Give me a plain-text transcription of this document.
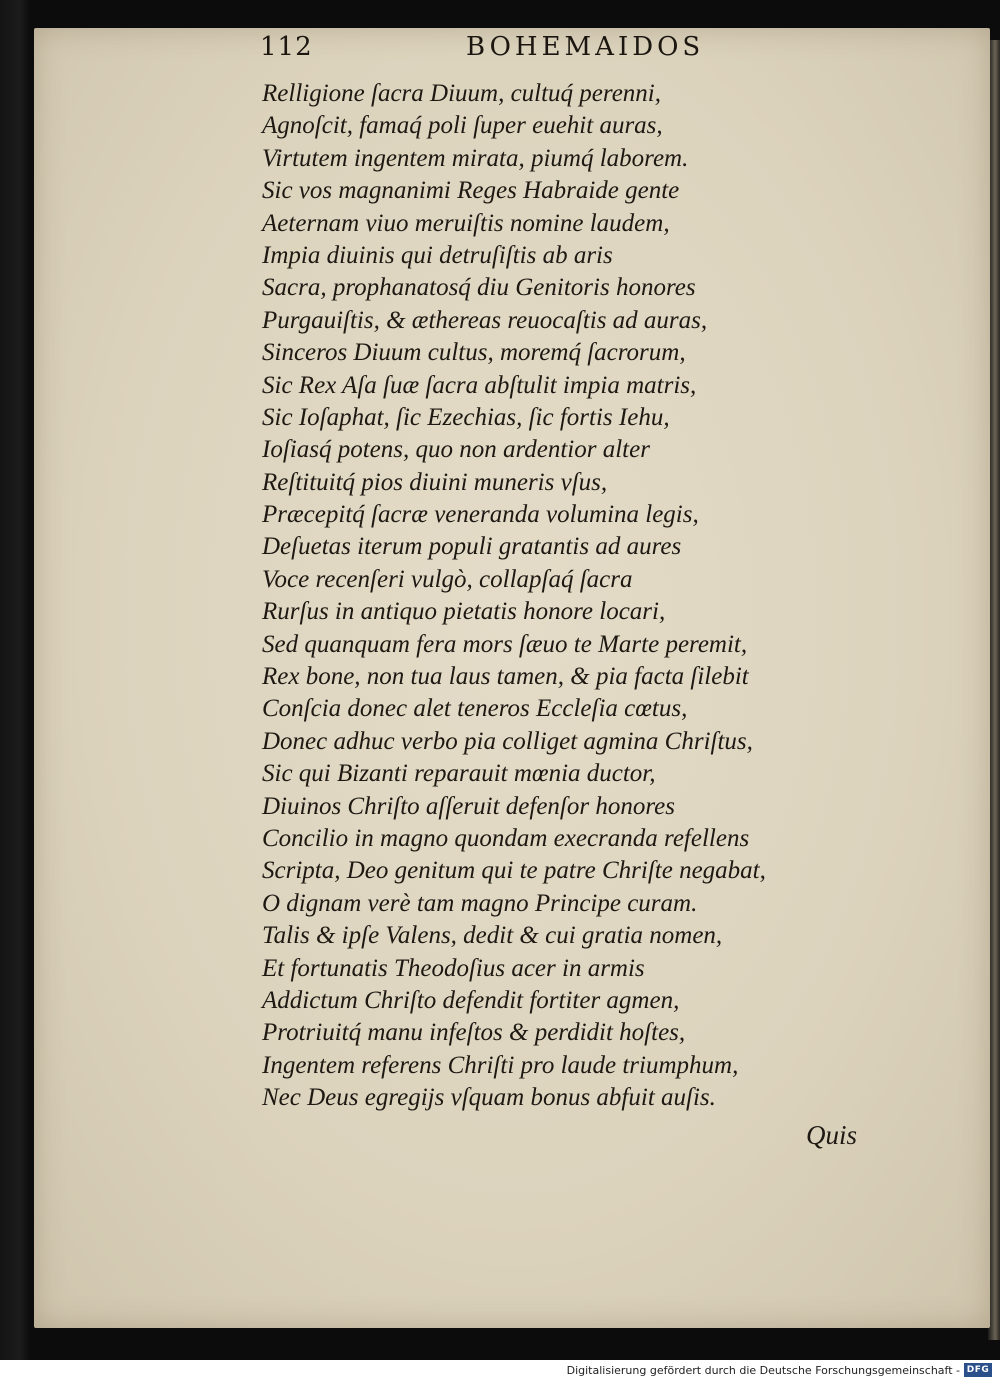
112	BOHEMAIDOS
Relligione ſacra Diuum, cultuq́ perenni,
Agnoſcit, famaq́ poli ſuper euehit auras,
Virtutem ingentem mirata, piumq́ laborem.
Sic vos magnanimi Reges Habraide gente
Aeternam viuo meruiſtis nomine laudem,
Impia diuinis qui detruſiſtis ab aris
Sacra, prophanatosq́ diu Genitoris honores
Purgauiſtis, & æthereas reuocaſtis ad auras,
Sinceros Diuum cultus, moremq́ ſacrorum,
Sic Rex Aſa ſuæ ſacra abſtulit impia matris,
Sic Ioſaphat, ſic Ezechias, ſic fortis Iehu,
Ioſiasq́ potens, quo non ardentior alter
Reſtituitq́ pios diuini muneris vſus,
Præcepitq́ ſacræ veneranda volumina legis,
Deſuetas iterum populi gratantis ad aures
Voce recenſeri vulgò, collapſaq́ ſacra
Rurſus in antiquo pietatis honore locari,
Sed quanquam fera mors ſæuo te Marte peremit,
Rex bone, non tua laus tamen, & pia facta ſilebit
Conſcia donec alet teneros Eccleſia cœtus,
Donec adhuc verbo pia colliget agmina Chriſtus,
Sic qui Bizanti reparauit mœnia ductor,
Diuinos Chriſto aſſeruit defenſor honores
Concilio in magno quondam execranda refellens
Scripta, Deo genitum qui te patre Chriſte negabat,
O dignam verè tam magno Principe curam.
Talis & ipſe Valens, dedit & cui gratia nomen,
Et fortunatis Theodoſius acer in armis
Addictum Chriſto defendit fortiter agmen,
Protriuitq́ manu infeſtos & perdidit hoſtes,
Ingentem referens Chriſti pro laude triumphum,
Nec Deus egregijs vſquam bonus abfuit auſis.
Quis
Digitalisierung gefördert durch die Deutsche Forschungsgemeinschaft - DFG
